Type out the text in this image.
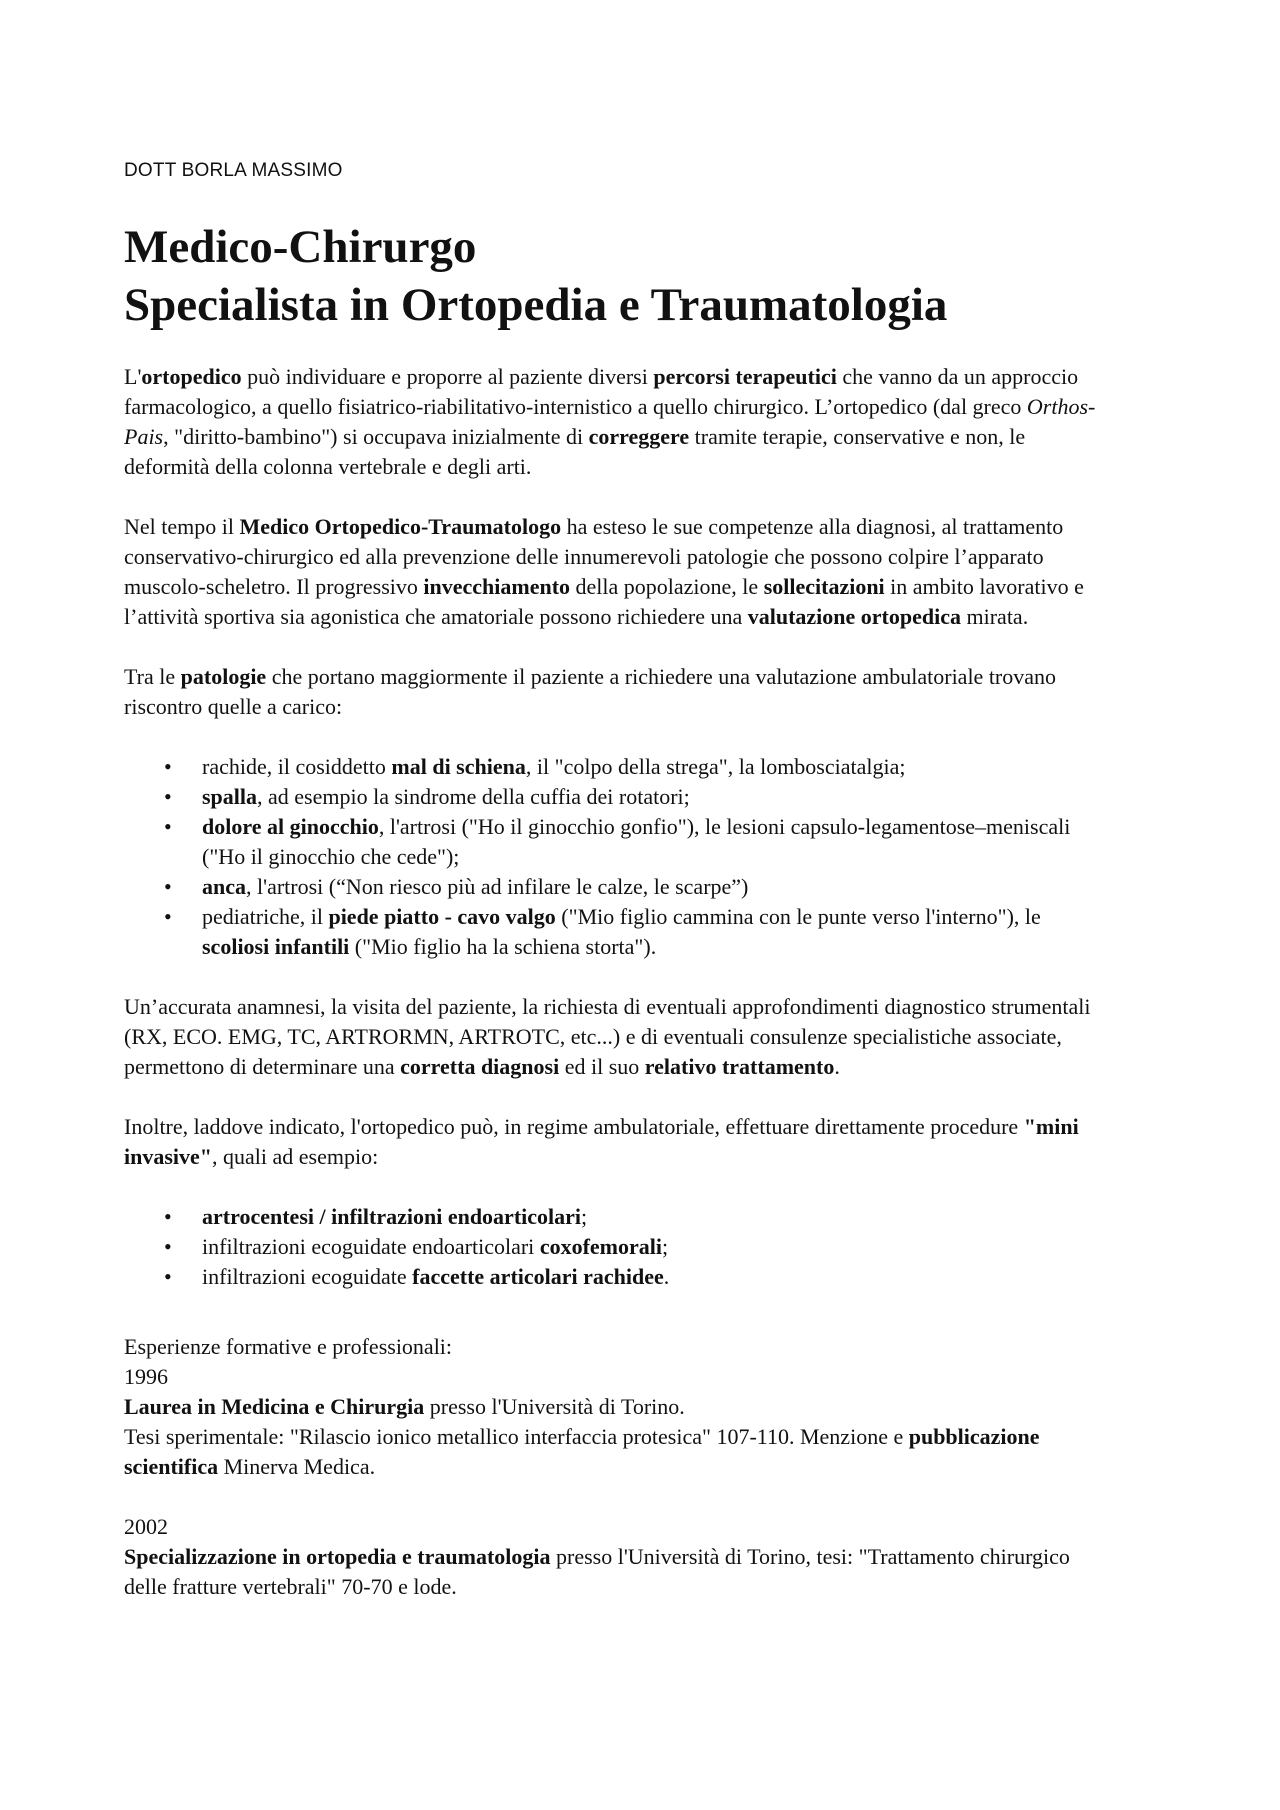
DOTT BORLA MASSIMO
Medico-Chirurgo
Specialista in Ortopedia e Traumatologia

L'ortopedico può individuare e proporre al paziente diversi percorsi terapeutici che vanno da un approccio farmacologico, a quello fisiatrico-riabilitativo-internistico a quello chirurgico. L’ortopedico (dal greco Orthos-Pais, "diritto-bambino") si occupava inizialmente di correggere tramite terapie, conservative e non, le deformità della colonna vertebrale e degli arti.

Nel tempo il Medico Ortopedico-Traumatologo ha esteso le sue competenze alla diagnosi, al trattamento conservativo-chirurgico ed alla prevenzione delle innumerevoli patologie che possono colpire l’apparato muscolo-scheletro. Il progressivo invecchiamento della popolazione, le sollecitazioni in ambito lavorativo e l’attività sportiva sia agonistica che amatoriale possono richiedere una valutazione ortopedica mirata.

Tra le patologie che portano maggiormente il paziente a richiedere una valutazione ambulatoriale trovano riscontro quelle a carico:

• rachide, il cosiddetto mal di schiena, il "colpo della strega", la lombosciatalgia;
• spalla, ad esempio la sindrome della cuffia dei rotatori;
• dolore al ginocchio, l'artrosi ("Ho il ginocchio gonfio"), le lesioni capsulo-legamentose–meniscali ("Ho il ginocchio che cede");
• anca, l'artrosi (“Non riesco più ad infilare le calze, le scarpe”)
• pediatriche, il piede piatto - cavo valgo ("Mio figlio cammina con le punte verso l'interno"), le scoliosi infantili ("Mio figlio ha la schiena storta").

Un’accurata anamnesi, la visita del paziente, la richiesta di eventuali approfondimenti diagnostico strumentali (RX, ECO. EMG, TC, ARTRORMN, ARTROTC, etc...) e di eventuali consulenze specialistiche associate, permettono di determinare una corretta diagnosi ed il suo relativo trattamento.

Inoltre, laddove indicato, l'ortopedico può, in regime ambulatoriale, effettuare direttamente procedure "mini invasive", quali ad esempio:

• artrocentesi / infiltrazioni endoarticolari;
• infiltrazioni ecoguidate endoarticolari coxofemorali;
• infiltrazioni ecoguidate faccette articolari rachidee.

Esperienze formative e professionali:

1996

Laurea in Medicina e Chirurgia presso l'Università di Torino.
Tesi sperimentale: "Rilascio ionico metallico interfaccia protesica" 107-110. Menzione e pubblicazione scientifica Minerva Medica.

2002

Specializzazione in ortopedia e traumatologia presso l'Università di Torino, tesi: "Trattamento chirurgico delle fratture vertebrali" 70-70 e lode.
